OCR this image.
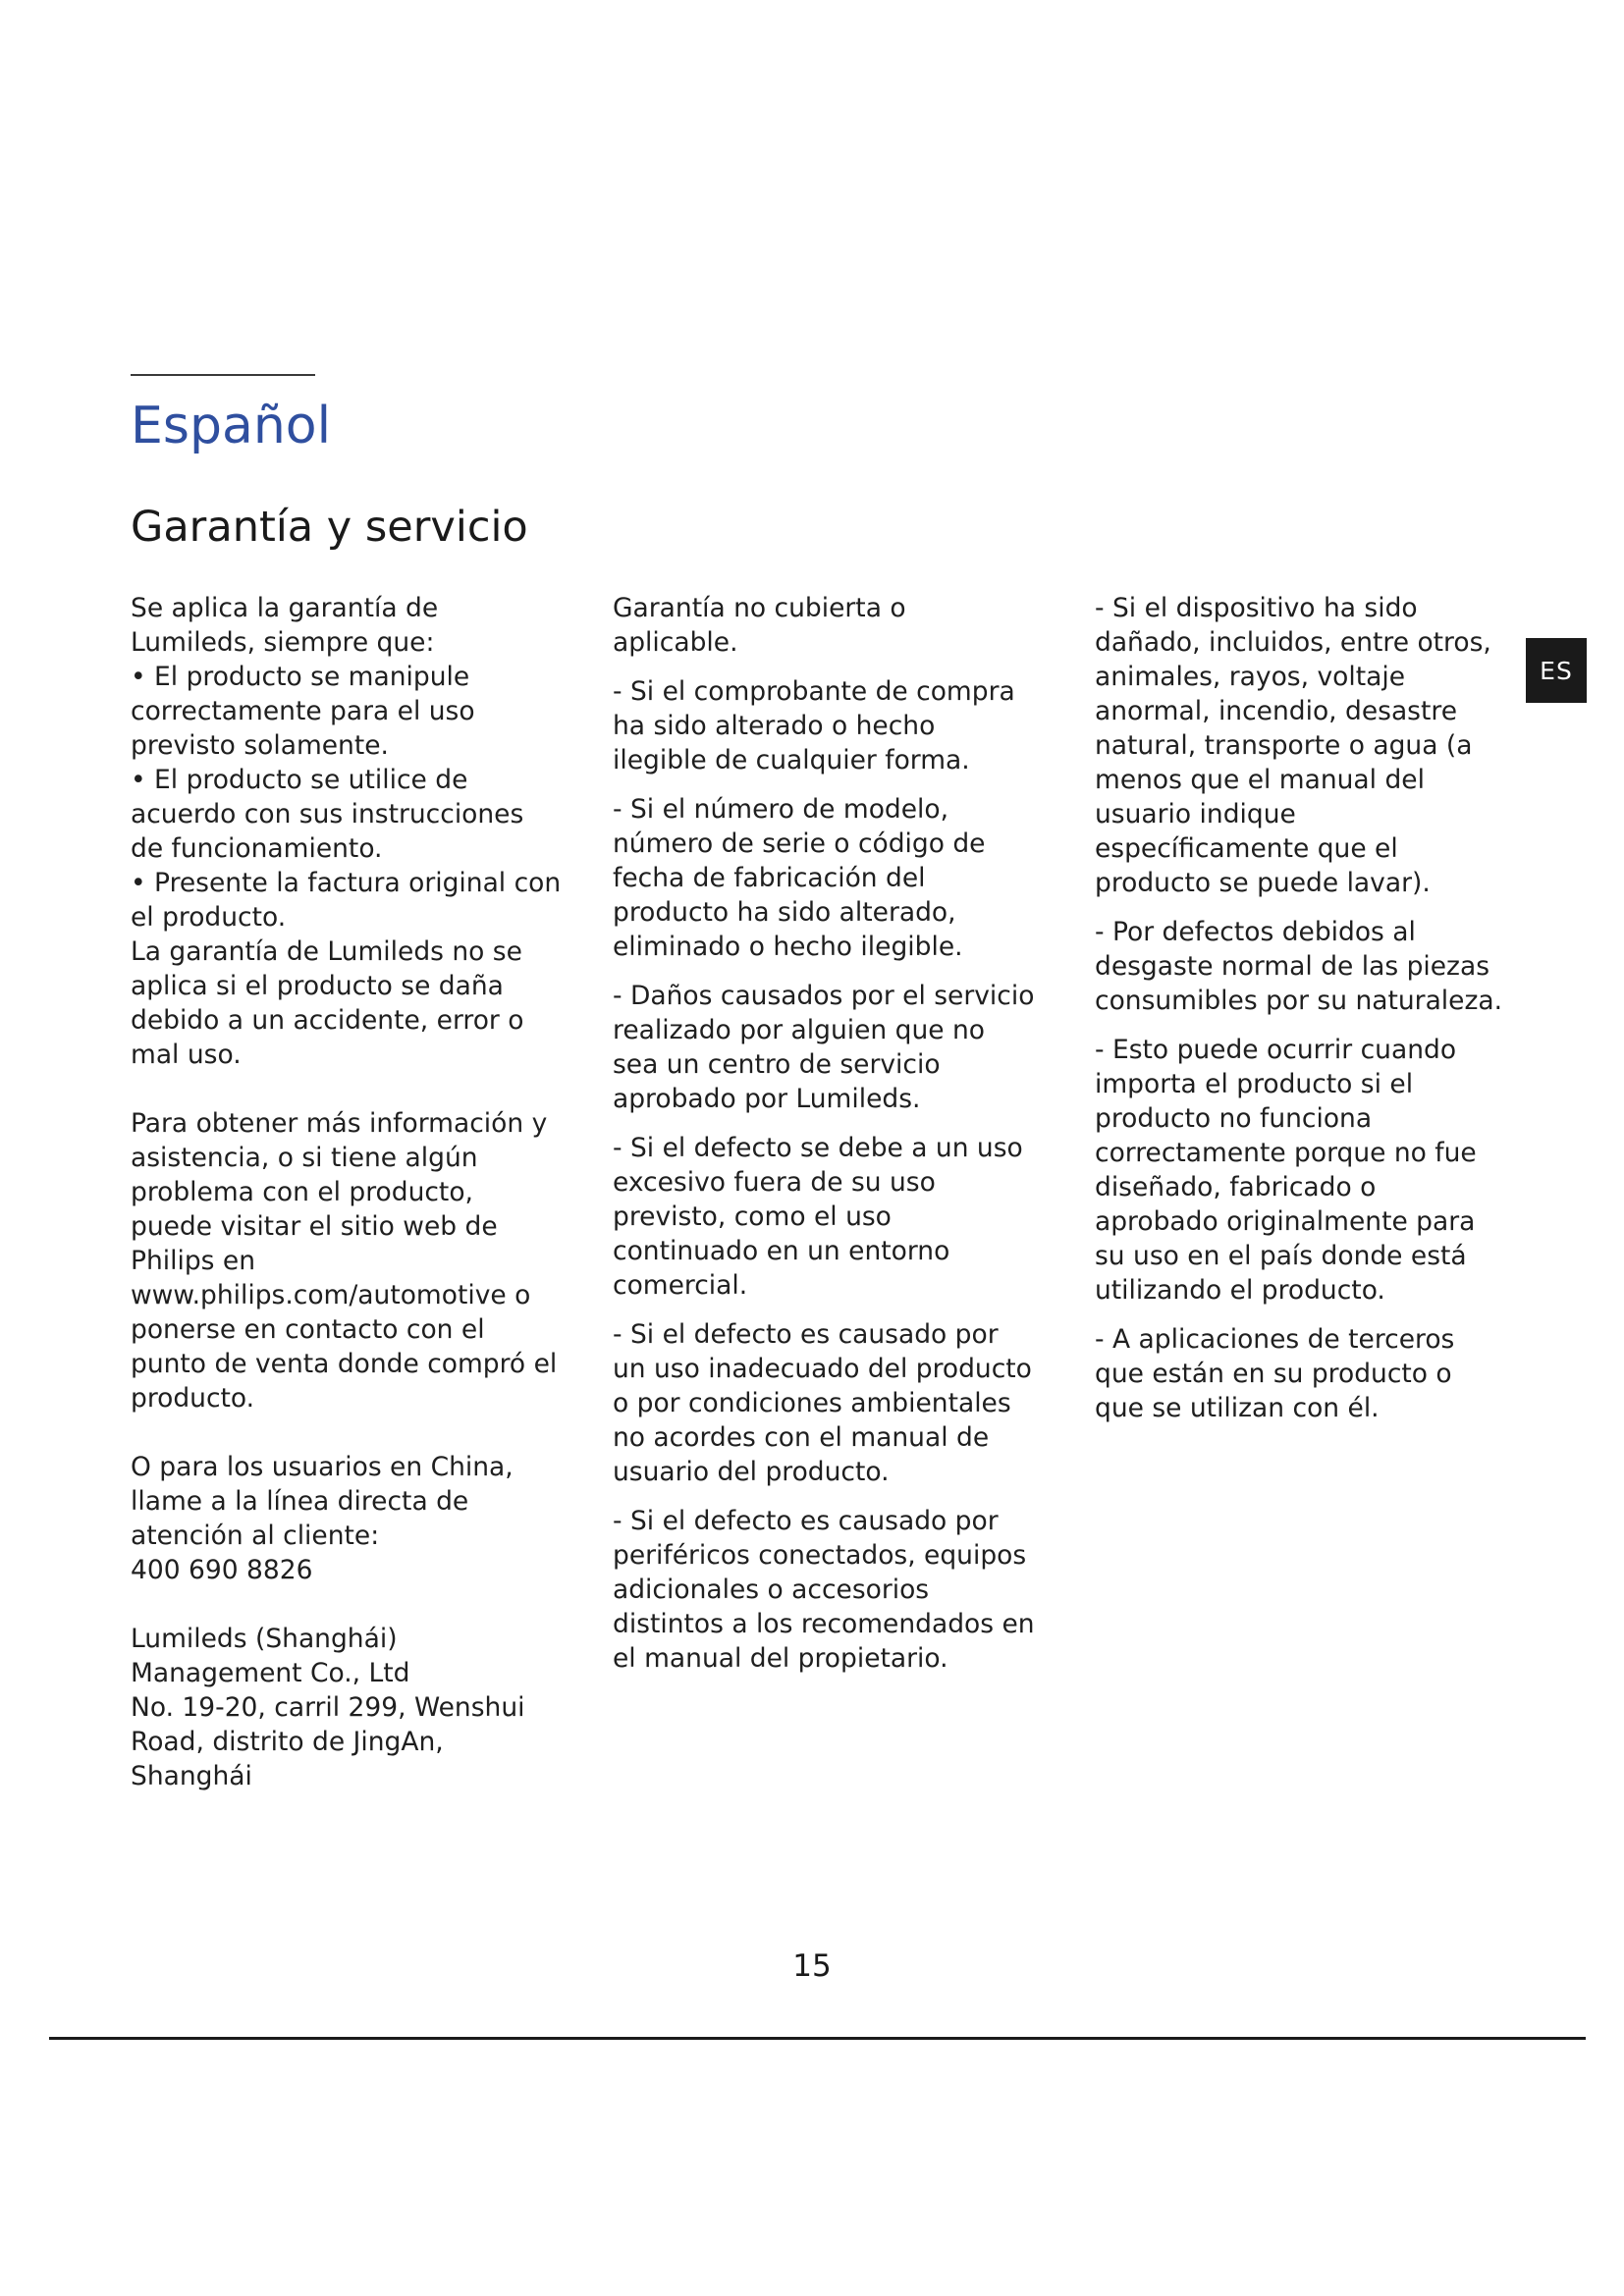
Español
Garantía y servicio
ES

Se aplica la garantía de Lumileds, siempre que:

• El producto se manipule correctamente para el uso previsto solamente.

• El producto se utilice de acuerdo con sus instrucciones de funcionamiento.

• Presente la factura original con el producto.

La garantía de Lumileds no se aplica si el producto se daña debido a un accidente, error o mal uso.

Para obtener más información y asistencia, o si tiene algún problema con el producto, puede visitar el sitio web de Philips en www.philips.com/automotive o ponerse en contacto con el punto de venta donde compró el producto.

O para los usuarios en China, llame a la línea directa de atención al cliente:

400 690 8826

Lumileds (Shanghái) Management Co., Ltd

No. 19-20, carril 299, Wenshui Road, distrito de JingAn, Shanghái

Garantía no cubierta o aplicable.

- Si el comprobante de compra ha sido alterado o hecho ilegible de cualquier forma.

- Si el número de modelo, número de serie o código de fecha de fabricación del producto ha sido alterado, eliminado o hecho ilegible.

- Daños causados por el servicio realizado por alguien que no sea un centro de servicio aprobado por Lumileds.

- Si el defecto se debe a un uso excesivo fuera de su uso previsto, como el uso continuado en un entorno comercial.

- Si el defecto es causado por un uso inadecuado del producto o por condiciones ambientales no acordes con el manual de usuario del producto.

- Si el defecto es causado por periféricos conectados, equipos adicionales o accesorios distintos a los recomendados en el manual del propietario.

- Si el dispositivo ha sido dañado, incluidos, entre otros, animales, rayos, voltaje anormal, incendio, desastre natural, transporte o agua (a menos que el manual del usuario indique específicamente que el producto se puede lavar).

- Por defectos debidos al desgaste normal de las piezas consumibles por su naturaleza.

- Esto puede ocurrir cuando importa el producto si el producto no funciona correctamente porque no fue diseñado, fabricado o aprobado originalmente para su uso en el país donde está utilizando el producto.

- A aplicaciones de terceros que están en su producto o que se utilizan con él.

15
